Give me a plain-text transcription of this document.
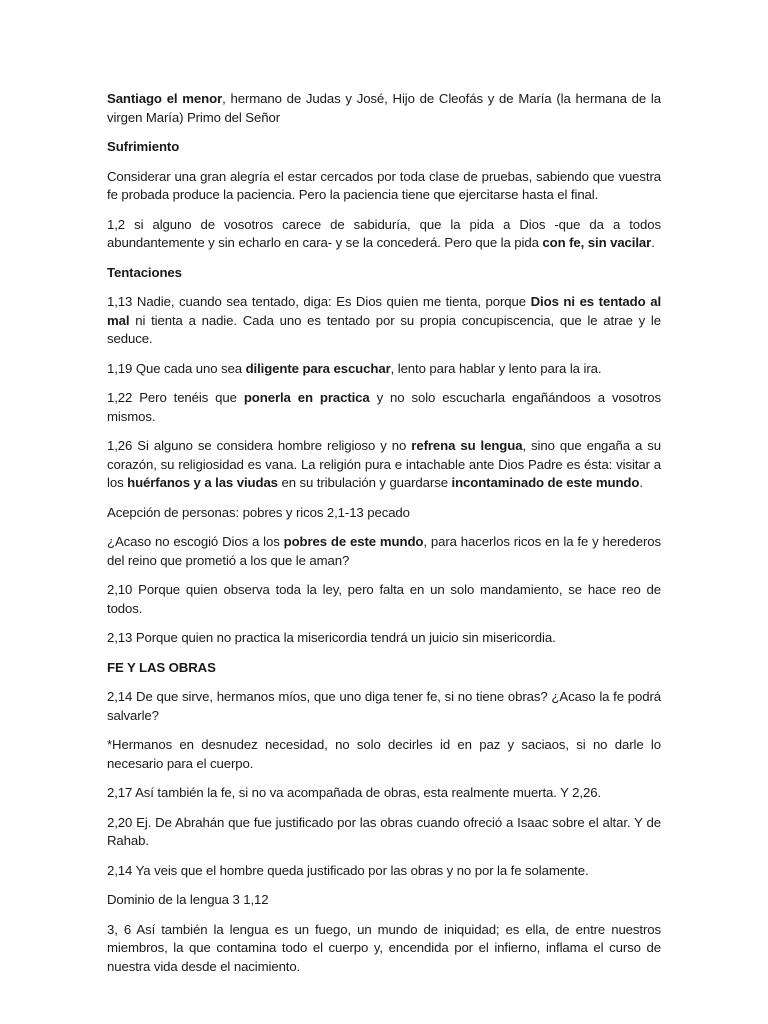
Santiago el menor, hermano de Judas y José, Hijo de Cleofás y de María (la hermana de la virgen María) Primo del Señor

Sufrimiento

Considerar una gran alegría el estar cercados por toda clase de pruebas, sabiendo que vuestra fe probada produce la paciencia. Pero la paciencia tiene que ejercitarse hasta el final.

1,2 si alguno de vosotros carece de sabiduría, que la pida a Dios -que da a todos abundantemente y sin echarlo en cara- y se la concederá. Pero que la pida con fe, sin vacilar.

Tentaciones

1,13 Nadie, cuando sea tentado, diga: Es Dios quien me tienta, porque Dios ni es tentado al mal ni tienta a nadie. Cada uno es tentado por su propia concupiscencia, que le atrae y le seduce.

1,19 Que cada uno sea diligente para escuchar, lento para hablar y lento para la ira.

1,22 Pero tenéis que ponerla en practica y no solo escucharla engañándoos a vosotros mismos.

1,26 Si alguno se considera hombre religioso y no refrena su lengua, sino que engaña a su corazón, su religiosidad es vana. La religión pura e intachable ante Dios Padre es ésta: visitar a los huérfanos y a las viudas en su tribulación y guardarse incontaminado de este mundo.

Acepción de personas: pobres y ricos 2,1-13 pecado

¿Acaso no escogió Dios a los pobres de este mundo, para hacerlos ricos en la fe y herederos del reino que prometió a los que le aman?

2,10 Porque quien observa toda la ley, pero falta en un solo mandamiento, se hace reo de todos.

2,13 Porque quien no practica la misericordia tendrá un juicio sin misericordia.

FE Y LAS OBRAS

2,14 De que sirve, hermanos míos, que uno diga tener fe, si no tiene obras? ¿Acaso la fe podrá salvarle?

*Hermanos en desnudez necesidad, no solo decirles id en paz y saciaos, si no darle lo necesario para el cuerpo.

2,17 Así también la fe, si no va acompañada de obras, esta realmente muerta. Y 2,26.

2,20 Ej. De Abrahán que fue justificado por las obras cuando ofreció a Isaac sobre el altar. Y de Rahab.

2,14 Ya veis que el hombre queda justificado por las obras y no por la fe solamente.

Dominio de la lengua 3 1,12

3, 6 Así también la lengua es un fuego, un mundo de iniquidad; es ella, de entre nuestros miembros, la que contamina todo el cuerpo y, encendida por el infierno, inflama el curso de nuestra vida desde el nacimiento.
